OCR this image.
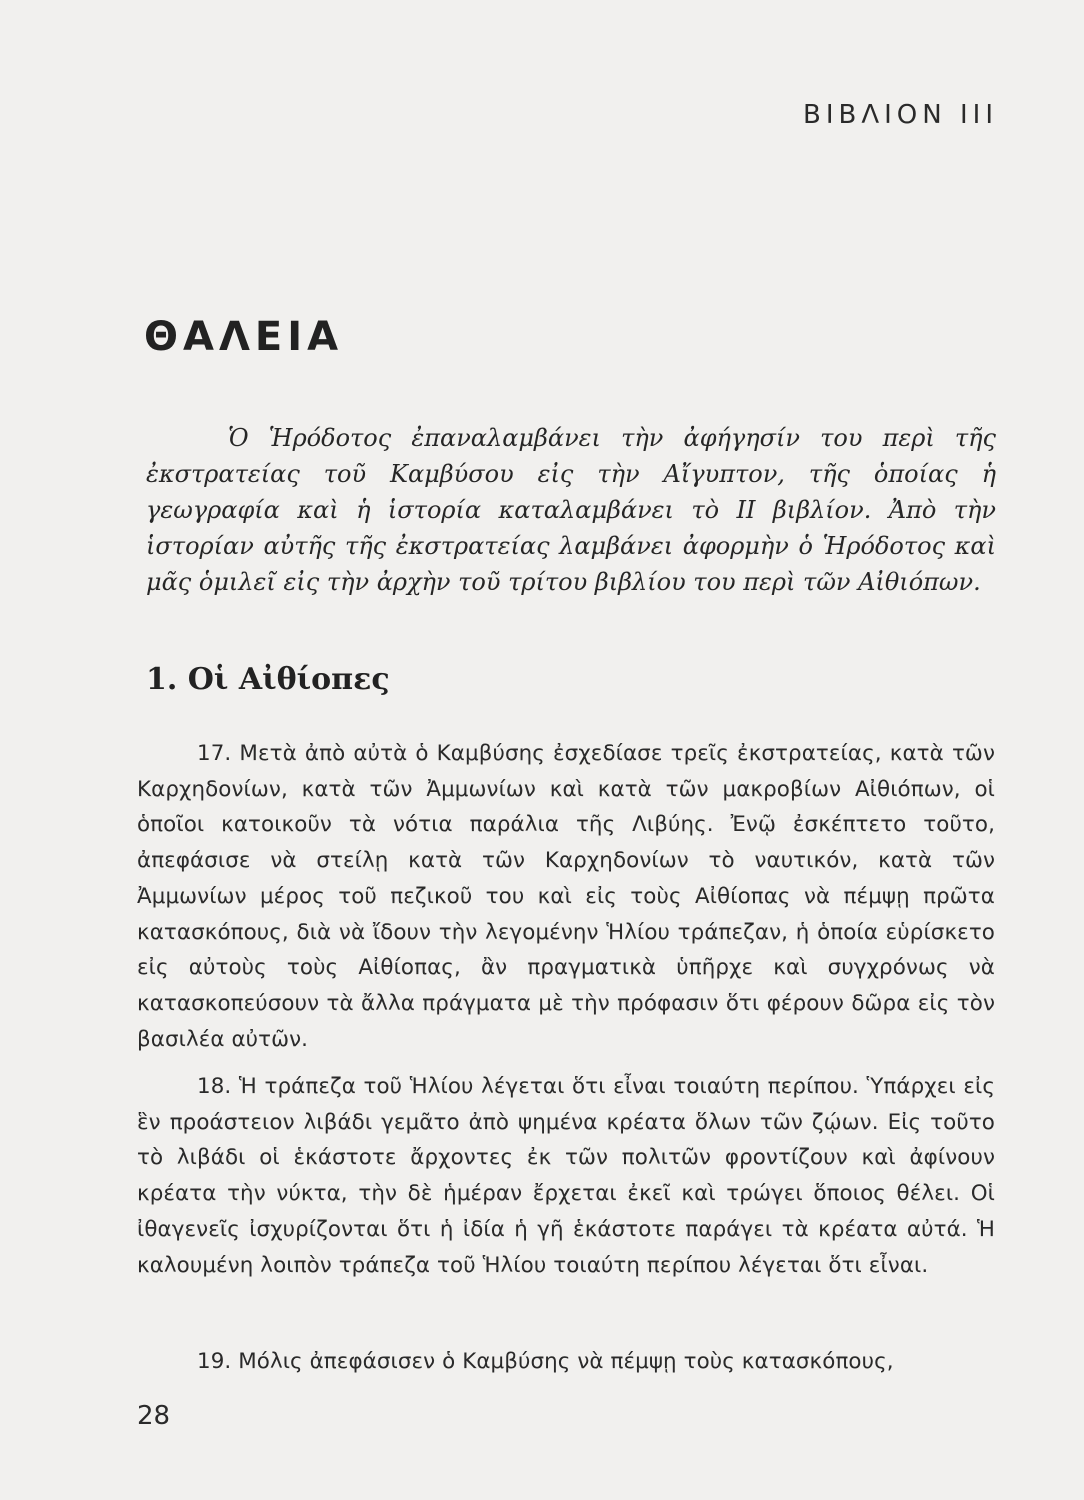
ΒΙΒΛΙΟΝ III
ΘΑΛΕΙΑ
Ὁ Ἡρόδοτος ἐπαναλαμβάνει τὴν ἀφήγησίν του περὶ τῆς ἐκστρατείας τοῦ Καμβύσου εἰς τὴν Αἴγυπτον, τῆς ὁποίας ἡ γεωγραφία καὶ ἡ ἱστορία καταλαμβάνει τὸ II βιβλίον. Ἀπὸ τὴν ἱστορίαν αὐτῆς τῆς ἐκστρατείας λαμβάνει ἀφορμὴν ὁ Ἡρόδοτος καὶ μᾶς ὁμιλεῖ εἰς τὴν ἀρχὴν τοῦ τρίτου βιβλίου του περὶ τῶν Αἰθιόπων.
1. Οἱ Αἰθίοπες

17. Μετὰ ἀπὸ αὐτὰ ὁ Καμβύσης ἐσχεδίασε τρεῖς ἐκστρατείας, κατὰ τῶν Καρχηδονίων, κατὰ τῶν Ἀμμωνίων καὶ κατὰ τῶν μακροβίων Αἰθιόπων, οἱ ὁποῖοι κατοικοῦν τὰ νότια παράλια τῆς Λιβύης. Ἐνῷ ἐσκέπτετο τοῦτο, ἀπεφάσισε νὰ στείλῃ κατὰ τῶν Καρχηδονίων τὸ ναυτικόν, κατὰ τῶν Ἀμμωνίων μέρος τοῦ πεζικοῦ του καὶ εἰς τοὺς Αἰθίοπας νὰ πέμψῃ πρῶτα κατασκόπους, διὰ νὰ ἴδουν τὴν λεγομένην Ἡλίου τράπεζαν, ἡ ὁποία εὑρίσκετο εἰς αὐτοὺς τοὺς Αἰθίοπας, ἂν πραγματικὰ ὑπῆρχε καὶ συγχρόνως νὰ κατασκοπεύσουν τὰ ἄλλα πράγματα μὲ τὴν πρόφασιν ὅτι φέρουν δῶρα εἰς τὸν βασιλέα αὐτῶν.

18. Ἡ τράπεζα τοῦ Ἡλίου λέγεται ὅτι εἶναι τοιαύτη περίπου. Ὑπάρχει εἰς ἓν προάστειον λιβάδι γεμᾶτο ἀπὸ ψημένα κρέατα ὅλων τῶν ζῴων. Εἰς τοῦτο τὸ λιβάδι οἱ ἑκάστοτε ἄρχοντες ἐκ τῶν πολιτῶν φροντίζουν καὶ ἀφίνουν κρέατα τὴν νύκτα, τὴν δὲ ἡμέραν ἔρχεται ἐκεῖ καὶ τρώγει ὅποιος θέλει. Οἱ ἰθαγενεῖς ἰσχυρίζονται ὅτι ἡ ἰδία ἡ γῆ ἑκάστοτε παράγει τὰ κρέατα αὐτά. Ἡ καλουμένη λοιπὸν τράπεζα τοῦ Ἡλίου τοιαύτη περίπου λέγεται ὅτι εἶναι.

19. Μόλις ἀπεφάσισεν ὁ Καμβύσης νὰ πέμψῃ τοὺς κατασκόπους,

28
